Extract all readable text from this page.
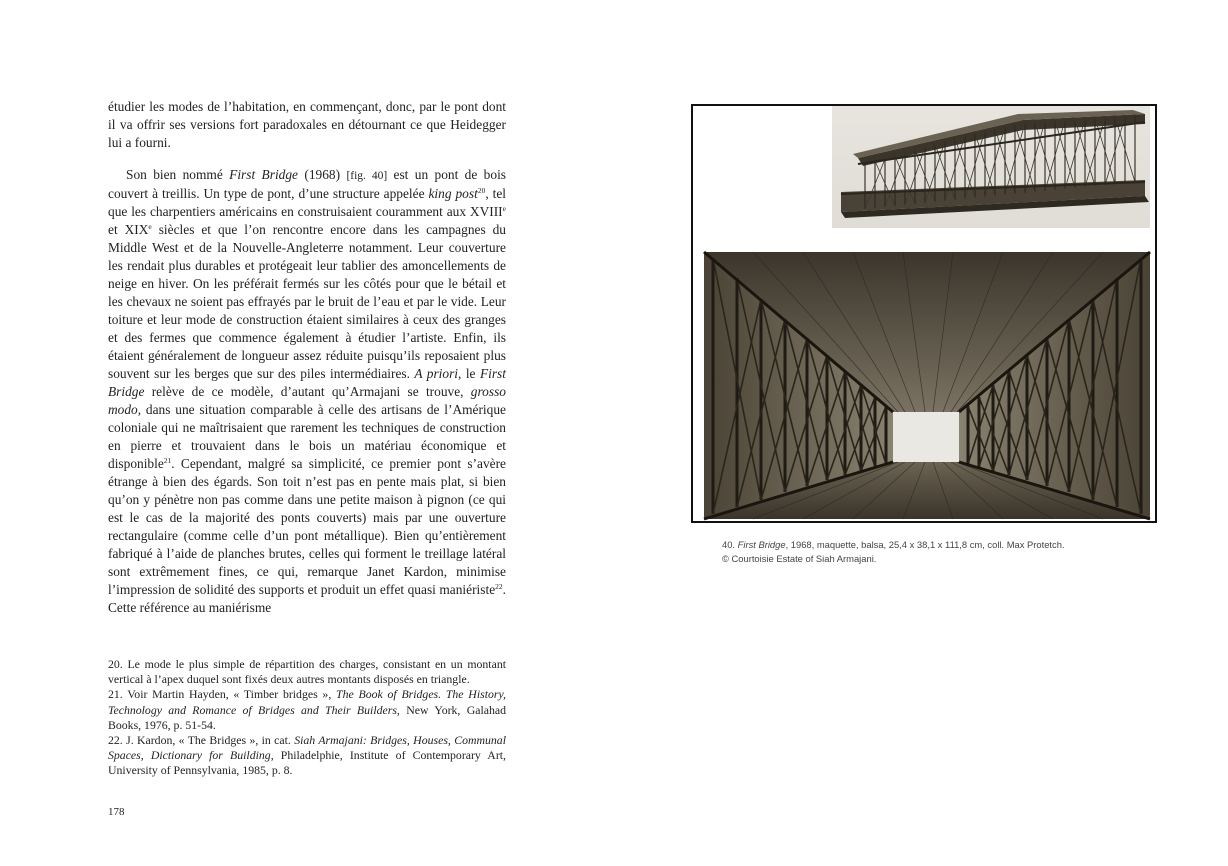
étudier les modes de l’habitation, en commençant, donc, par le pont dont il va offrir ses versions fort paradoxales en détournant ce que Heidegger lui a fourni.

Son bien nommé First Bridge (1968) [fig. 40] est un pont de bois couvert à treillis. Un type de pont, d’une structure appelée king post$^{20}$, tel que les charpentiers américains en construisaient couramment aux XVIIIe et XIXe siècles et que l’on rencontre encore dans les campagnes du Middle West et de la Nouvelle-Angleterre notamment. Leur couverture les rendait plus durables et protégeait leur tablier des amoncellements de neige en hiver. On les préférait fermés sur les côtés pour que le bétail et les chevaux ne soient pas effrayés par le bruit de l’eau et par le vide. Leur toiture et leur mode de construction étaient similaires à ceux des granges et des fermes que commence également à étudier l’artiste. Enfin, ils étaient généralement de longueur assez réduite puisqu’ils reposaient plus souvent sur les berges que sur des piles intermédiaires. A priori, le First Bridge relève de ce modèle, d’autant qu’Armajani se trouve, grosso modo, dans une situation comparable à celle des artisans de l’Amérique coloniale qui ne maîtrisaient que rarement les techniques de construction en pierre et trouvaient dans le bois un matériau économique et disponible$^{21}$. Cependant, malgré sa simplicité, ce premier pont s’avère étrange à bien des égards. Son toit n’est pas en pente mais plat, si bien qu’on y pénètre non pas comme dans une petite maison à pignon (ce qui est le cas de la majorité des ponts couverts) mais par une ouverture rectangulaire (comme celle d’un pont métallique). Bien qu’entièrement fabriqué à l’aide de planches brutes, celles qui forment le treillage latéral sont extrêmement fines, ce qui, remarque Janet Kardon, minimise l’impression de solidité des supports et produit un effet quasi maniériste$^{22}$. Cette référence au maniérisme

20. Le mode le plus simple de répartition des charges, consistant en un montant vertical à l’apex duquel sont fixés deux autres montants disposés en triangle.

21. Voir Martin Hayden, « Timber bridges », The Book of Bridges. The History, Technology and Romance of Bridges and Their Builders, New York, Galahad Books, 1976, p. 51-54.

22. J. Kardon, « The Bridges », in cat. Siah Armajani: Bridges, Houses, Communal Spaces, Dictionary for Building, Philadelphie, Institute of Contemporary Art, University of Pennsylvania, 1985, p. 8.

178

40. First Bridge, 1968, maquette, balsa, 25,4 x 38,1 x 111,8 cm, coll. Max Protetch.

© Courtoisie Estate of Siah Armajani.
